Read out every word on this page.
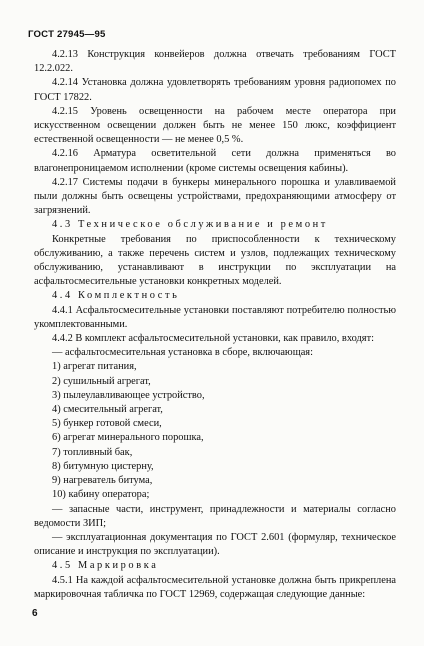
ГОСТ 27945—95

4.2.13 Конструкция конвейеров должна отвечать требованиям ГОСТ 12.2.022.

4.2.14 Установка должна удовлетворять требованиям уровня радиопомех по ГОСТ 17822.

4.2.15 Уровень освещенности на рабочем месте оператора при искусственном освещении должен быть не менее 150 люкс, коэффициент естественной освещенности — не менее 0,5 %.

4.2.16 Арматура осветительной сети должна применяться во влагонепроницаемом исполнении (кроме системы освещения кабины).

4.2.17 Системы подачи в бункеры минерального порошка и улавливаемой пыли должны быть освещены устройствами, предохраняющими атмосферу от загрязнений.

4.3 Техническое обслуживание и ремонт

Конкретные требования по приспособленности к техническому обслуживанию, а также перечень систем и узлов, подлежащих техническому обслуживанию, устанавливают в инструкции по эксплуатации на асфальтосмесительные установки конкретных моделей.

4.4 Комплектность

4.4.1 Асфальтосмесительные установки поставляют потребителю полностью укомплектованными.

4.4.2 В комплект асфальтосмесительной установки, как правило, входят:

— асфальтосмесительная установка в сборе, включающая:

1) агрегат питания,

2) сушильный агрегат,

3) пылеулавливающее устройство,

4) смесительный агрегат,

5) бункер готовой смеси,

6) агрегат минерального порошка,

7) топливный бак,

8) битумную цистерну,

9) нагреватель битума,

10) кабину оператора;

— запасные части, инструмент, принадлежности и материалы согласно ведомости ЗИП;

— эксплуатационная документация по ГОСТ 2.601 (формуляр, техническое описание и инструкция по эксплуатации).

4.5 Маркировка

4.5.1 На каждой асфальтосмесительной установке должна быть прикреплена маркировочная табличка по ГОСТ 12969, содержащая следующие данные:

6
